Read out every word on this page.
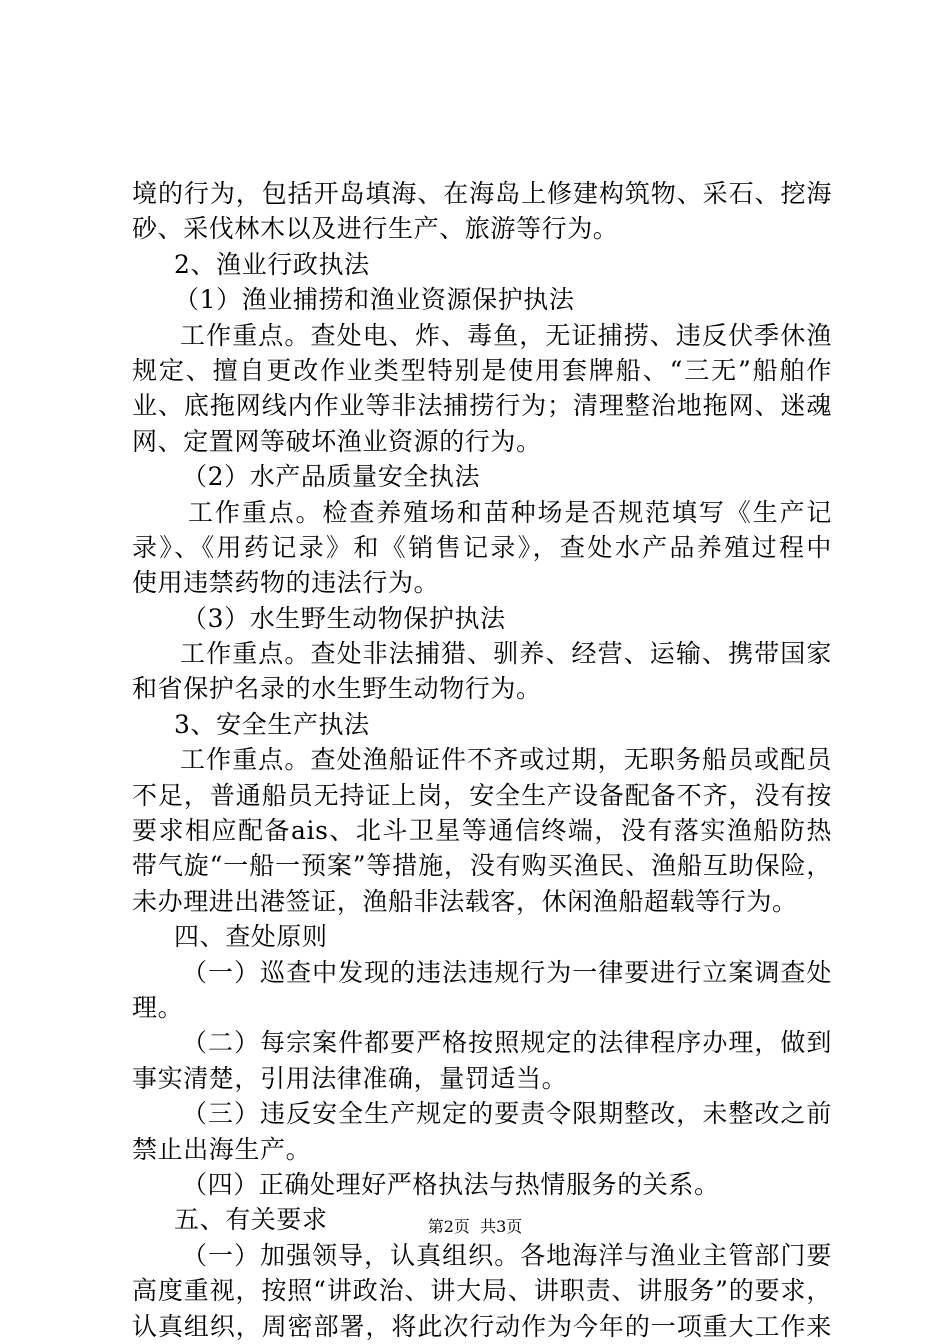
境的行为，包括开岛填海、在海岛上修建构筑物、采石、挖海
砂、采伐林木以及进行生产、旅游等行为。
2、渔业行政执法
（1）渔业捕捞和渔业资源保护执法
工作重点。查处电、炸、毒鱼，无证捕捞、违反伏季休渔
规定、擅自更改作业类型特别是使用套牌船、“三无”船舶作
业、底拖网线内作业等非法捕捞行为；清理整治地拖网、迷魂
网、定置网等破坏渔业资源的行为。
（2）水产品质量安全执法
工作重点。检查养殖场和苗种场是否规范填写《生产记
录》、《用药记录》和《销售记录》，查处水产品养殖过程中
使用违禁药物的违法行为。
（3）水生野生动物保护执法
工作重点。查处非法捕猎、驯养、经营、运输、携带国家
和省保护名录的水生野生动物行为。
3、安全生产执法
工作重点。查处渔船证件不齐或过期，无职务船员或配员
不足，普通船员无持证上岗，安全生产设备配备不齐，没有按
要求相应配备ais、北斗卫星等通信终端，没有落实渔船防热
带气旋“一船一预案”等措施，没有购买渔民、渔船互助保险，
未办理进出港签证，渔船非法载客，休闲渔船超载等行为。
四、查处原则
（一）巡查中发现的违法违规行为一律要进行立案调查处
理。
（二）每宗案件都要严格按照规定的法律程序办理，做到
事实清楚，引用法律准确，量罚适当。
（三）违反安全生产规定的要责令限期整改，未整改之前
禁止出海生产。
（四）正确处理好严格执法与热情服务的关系。
五、有关要求
（一）加强领导，认真组织。各地海洋与渔业主管部门要
高度重视，按照“讲政治、讲大局、讲职责、讲服务”的要求，
认真组织，周密部署，将此次行动作为今年的一项重大工作来
第2页  共3页
